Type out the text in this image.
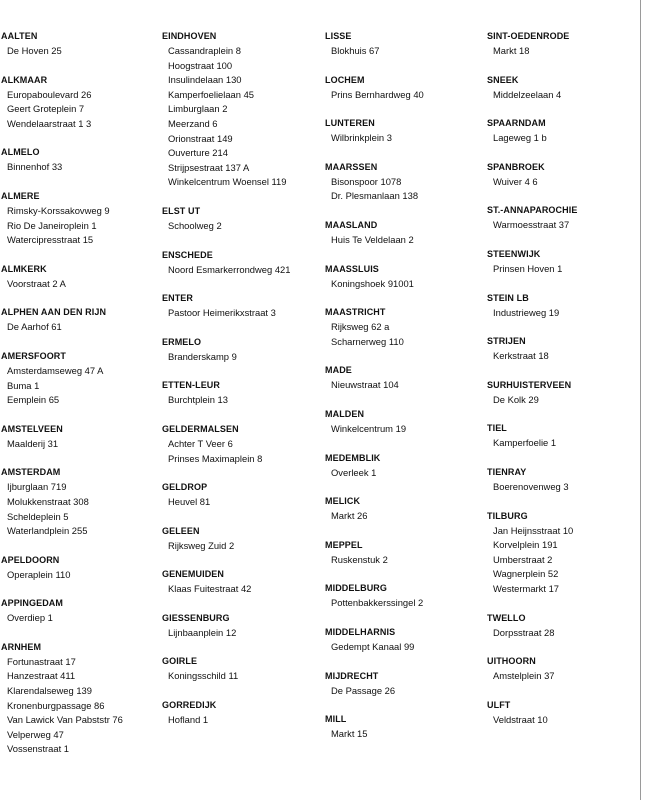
AALTEN
De Hoven 25
ALKMAAR
Europaboulevard 26
Geert Groteplein 7
Wendelaarstraat 1 3
ALMELO
Binnenhof 33
ALMERE
Rimsky-Korssakovweg 9
Rio De Janeiroplein 1
Watercipresstraat 15
ALMKERK
Voorstraat 2 A
ALPHEN AAN DEN RIJN
De Aarhof 61
AMERSFOORT
Amsterdamseweg 47 A
Buma 1
Eemplein 65
AMSTELVEEN
Maalderij 31
AMSTERDAM
Ijburglaan 719
Molukkenstraat 308
Scheldeplein 5
Waterlandplein 255
APELDOORN
Operaplein 110
APPINGEDAM
Overdiep 1
ARNHEM
Fortunastraat 17
Hanzestraat 411
Klarendalseweg 139
Kronenburgpassage 86
Van Lawick Van Pabststr 76
Velperweg 47
Vossenstraat 1
EINDHOVEN
Cassandraplein 8
Hoogstraat 100
Insulindelaan 130
Kamperfoelielaan 45
Limburglaan 2
Meerzand 6
Orionstraat 149
Ouverture 214
Strijpsestraat 137 A
Winkelcentrum Woensel 119
ELST UT
Schoolweg 2
ENSCHEDE
Noord Esmarkerrondweg 421
ENTER
Pastoor Heimerikxstraat 3
ERMELO
Branderskamp 9
ETTEN-LEUR
Burchtplein 13
GELDERMALSEN
Achter T Veer 6
Prinses Maximaplein 8
GELDROP
Heuvel 81
GELEEN
Rijksweg Zuid 2
GENEMUIDEN
Klaas Fuitestraat 42
GIESSENBURG
Lijnbaanplein 12
GOIRLE
Koningsschild 11
GORREDIJK
Hofland 1
LISSE
Blokhuis 67
LOCHEM
Prins Bernhardweg 40
LUNTEREN
Wilbrinkplein 3
MAARSSEN
Bisonspoor 1078
Dr. Plesmanlaan 138
MAASLAND
Huis Te Veldelaan 2
MAASSLUIS
Koningshoek 91001
MAASTRICHT
Rijksweg 62 a
Scharnerweg 110
MADE
Nieuwstraat 104
MALDEN
Winkelcentrum 19
MEDEMBLIK
Overleek 1
MELICK
Markt 26
MEPPEL
Ruskenstuk 2
MIDDELBURG
Pottenbakkerssingel 2
MIDDELHARNIS
Gedempt Kanaal 99
MIJDRECHT
De Passage 26
MILL
Markt 15
SINT-OEDENRODE
Markt 18
SNEEK
Middelzeelaan 4
SPAARNDAM
Lageweg 1 b
SPANBROEK
Wuiver 4 6
ST.-ANNAPAROCHIE
Warmoesstraat 37
STEENWIJK
Prinsen Hoven 1
STEIN LB
Industrieweg 19
STRIJEN
Kerkstraat 18
SURHUISTERVEEN
De Kolk 29
TIEL
Kamperfoelie 1
TIENRAY
Boerenovenweg 3
TILBURG
Jan Heijnsstraat 10
Korvelplein 191
Umberstraat 2
Wagnerplein 52
Westermarkt 17
TWELLO
Dorpsstraat 28
UITHOORN
Amstelplein 37
ULFT
Veldstraat 10
